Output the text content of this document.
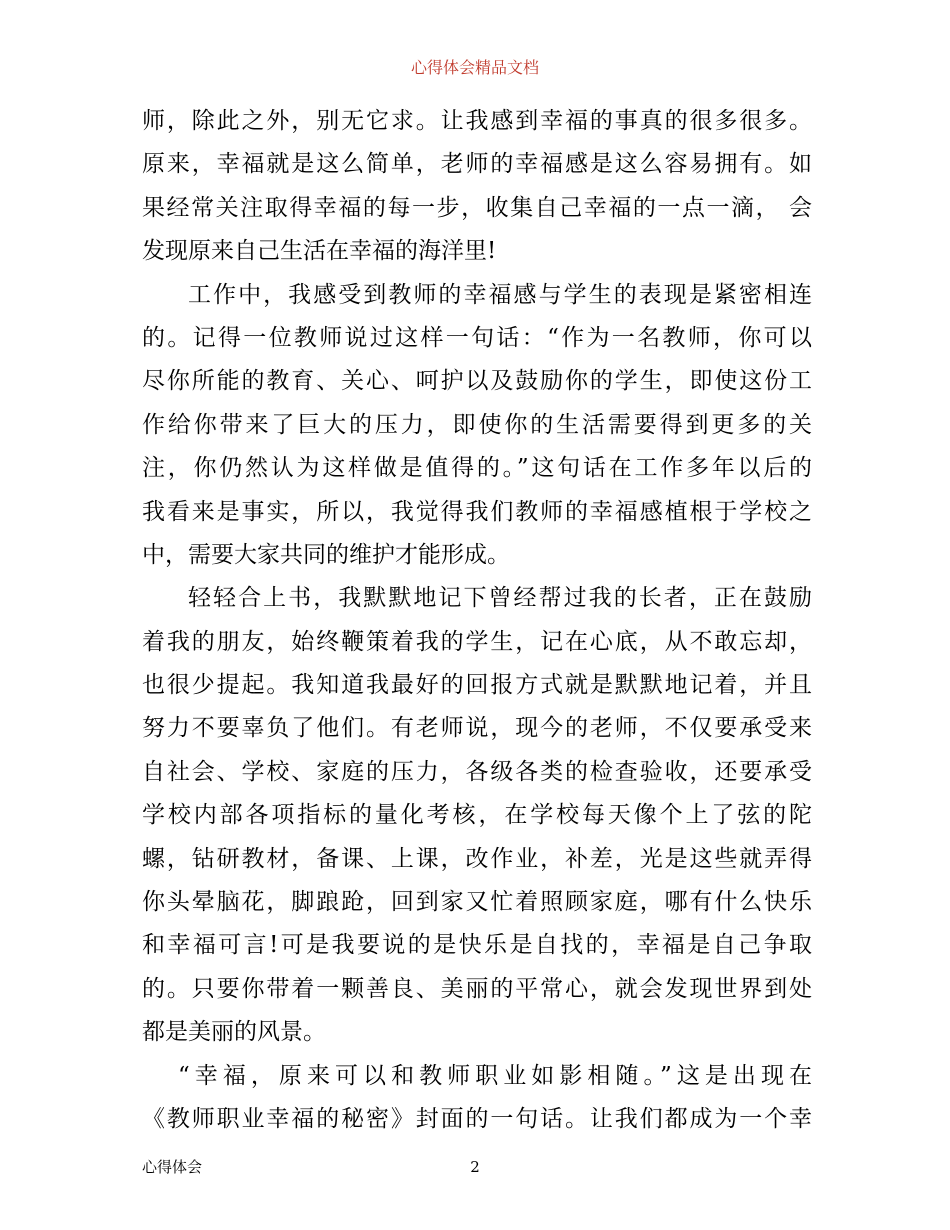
心得体会精品文档
师，除此之外，别无它求。让我感到幸福的事真的很多很多。
原来，幸福就是这么简单，老师的幸福感是这么容易拥有。如
果经常关注取得幸福的每一步，收集自己幸福的一点一滴， 会
发现原来自己生活在幸福的海洋里!
工作中，我感受到教师的幸福感与学生的表现是紧密相连
的。记得一位教师说过这样一句话：“作为一名教师，你可以
尽你所能的教育、关心、呵护以及鼓励你的学生，即使这份工
作给你带来了巨大的压力，即使你的生活需要得到更多的关
注，你仍然认为这样做是值得的。”这句话在工作多年以后的
我看来是事实，所以，我觉得我们教师的幸福感植根于学校之
中，需要大家共同的维护才能形成。
轻轻合上书，我默默地记下曾经帮过我的长者，正在鼓励
着我的朋友，始终鞭策着我的学生，记在心底，从不敢忘却，
也很少提起。我知道我最好的回报方式就是默默地记着，并且
努力不要辜负了他们。有老师说，现今的老师，不仅要承受来
自社会、学校、家庭的压力，各级各类的检查验收，还要承受
学校内部各项指标的量化考核，在学校每天像个上了弦的陀
螺，钻研教材，备课、上课，改作业，补差，光是这些就弄得
你头晕脑花，脚踉跄，回到家又忙着照顾家庭，哪有什么快乐
和幸福可言!可是我要说的是快乐是自找的，幸福是自己争取
的。只要你带着一颗善良、美丽的平常心，就会发现世界到处
都是美丽的风景。
“幸福，原来可以和教师职业如影相随。”这是出现在
《教师职业幸福的秘密》封面的一句话。让我们都成为一个幸
心得体会	2
